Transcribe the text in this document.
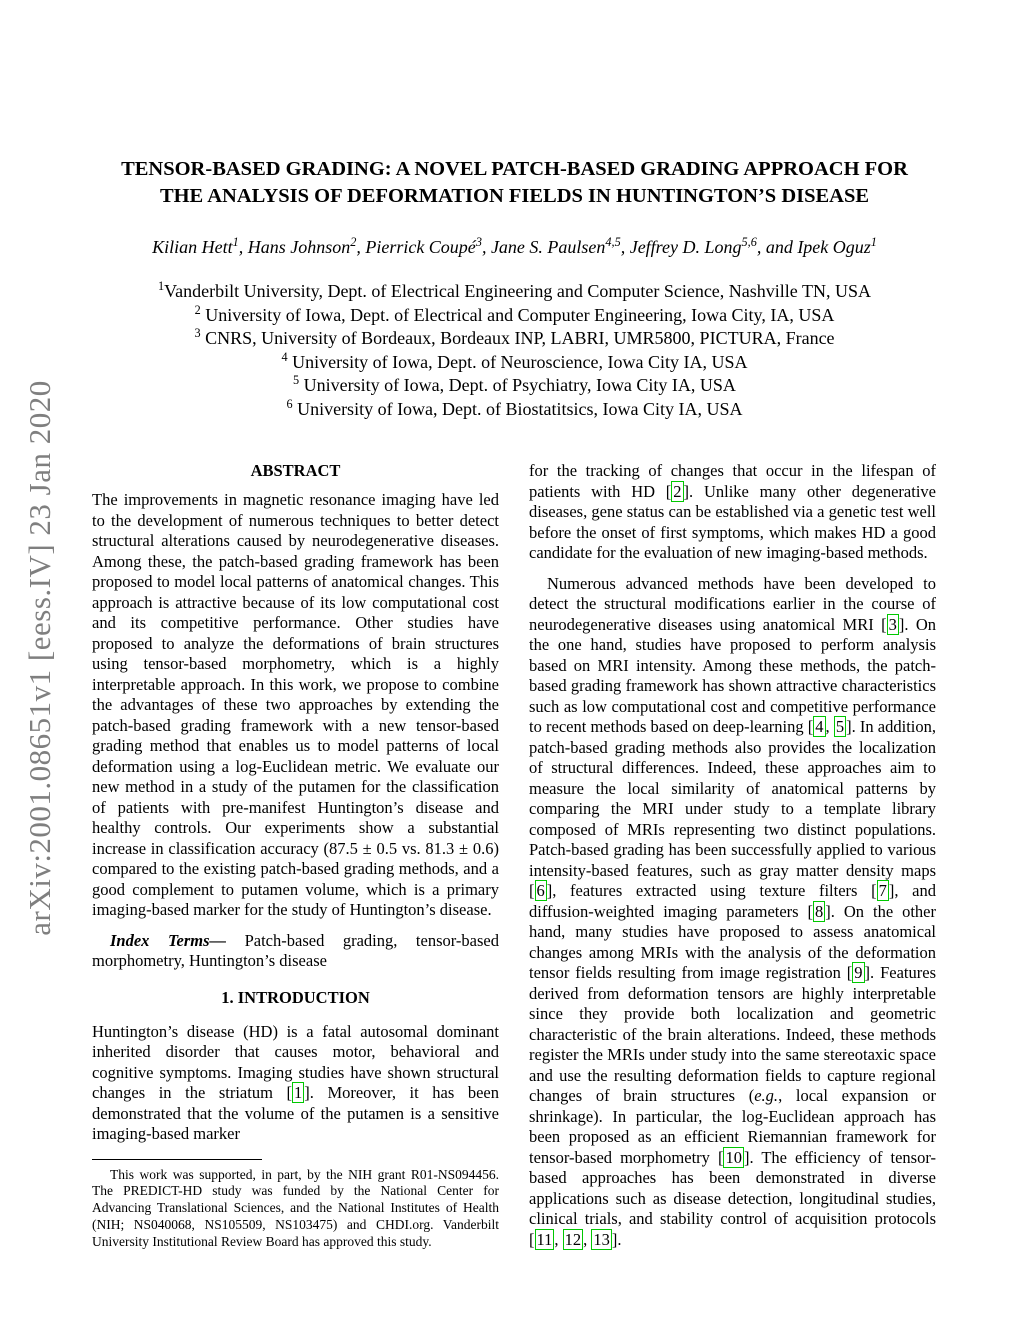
arXiv:2001.08651v1 [eess.IV] 23 Jan 2020
TENSOR-BASED GRADING: A NOVEL PATCH-BASED GRADING APPROACH FOR THE ANALYSIS OF DEFORMATION FIELDS IN HUNTINGTON’S DISEASE
Kilian Hett$^1$, Hans Johnson$^2$, Pierrick Coupé$^3$, Jane S. Paulsen$^{4,5}$, Jeffrey D. Long$^{5,6}$, and Ipek Oguz$^1$
$^1$Vanderbilt University, Dept. of Electrical Engineering and Computer Science, Nashville TN, USA
$^2$ University of Iowa, Dept. of Electrical and Computer Engineering, Iowa City, IA, USA
$^3$ CNRS, University of Bordeaux, Bordeaux INP, LABRI, UMR5800, PICTURA, France
$^4$ University of Iowa, Dept. of Neuroscience, Iowa City IA, USA
$^5$ University of Iowa, Dept. of Psychiatry, Iowa City IA, USA
$^6$ University of Iowa, Dept. of Biostatitsics, Iowa City IA, USA
ABSTRACT

The improvements in magnetic resonance imaging have led to the development of numerous techniques to better detect structural alterations caused by neurodegenerative diseases. Among these, the patch-based grading framework has been proposed to model local patterns of anatomical changes. This approach is attractive because of its low computational cost and its competitive performance. Other studies have proposed to analyze the deformations of brain structures using tensor-based morphometry, which is a highly interpretable approach. In this work, we propose to combine the advantages of these two approaches by extending the patch-based grading framework with a new tensor-based grading method that enables us to model patterns of local deformation using a log-Euclidean metric. We evaluate our new method in a study of the putamen for the classification of patients with pre-manifest Huntington’s disease and healthy controls. Our experiments show a substantial increase in classification accuracy (87.5 ± 0.5 vs. 81.3 ± 0.6) compared to the existing patch-based grading methods, and a good complement to putamen volume, which is a primary imaging-based marker for the study of Huntington’s disease.

Index Terms— Patch-based grading, tensor-based morphometry, Huntington’s disease

1. INTRODUCTION

Huntington’s disease (HD) is a fatal autosomal dominant inherited disorder that causes motor, behavioral and cognitive symptoms. Imaging studies have shown structural changes in the striatum [ 1 ]. Moreover, it has been demonstrated that the volume of the putamen is a sensitive imaging-based marker

This work was supported, in part, by the NIH grant R01-NS094456. The PREDICT-HD study was funded by the National Center for Advancing Translational Sciences, and the National Institutes of Health (NIH; NS040068, NS105509, NS103475) and CHDI.org. Vanderbilt University Institutional Review Board has approved this study.

for the tracking of changes that occur in the lifespan of patients with HD [ 2 ]. Unlike many other degenerative diseases, gene status can be established via a genetic test well before the onset of first symptoms, which makes HD a good candidate for the evaluation of new imaging-based methods.

Numerous advanced methods have been developed to detect the structural modifications earlier in the course of neurodegenerative diseases using anatomical MRI [ 3 ]. On the one hand, studies have proposed to perform analysis based on MRI intensity. Among these methods, the patch-based grading framework has shown attractive characteristics such as low computational cost and competitive performance to recent methods based on deep-learning [ 4 , 5 ]. In addition, patch-based grading methods also provides the localization of structural differences. Indeed, these approaches aim to measure the local similarity of anatomical patterns by comparing the MRI under study to a template library composed of MRIs representing two distinct populations. Patch-based grading has been successfully applied to various intensity-based features, such as gray matter density maps [ 6 ], features extracted using texture filters [ 7 ], and diffusion-weighted imaging parameters [ 8 ]. On the other hand, many studies have proposed to assess anatomical changes among MRIs with the analysis of the deformation tensor fields resulting from image registration [ 9 ]. Features derived from deformation tensors are highly interpretable since they provide both localization and geometric characteristic of the brain alterations. Indeed, these methods register the MRIs under study into the same stereotaxic space and use the resulting deformation fields to capture regional changes of brain structures (e.g., local expansion or shrinkage). In particular, the log-Euclidean approach has been proposed as an efficient Riemannian framework for tensor-based morphometry [ 10 ]. The efficiency of tensor-based approaches has been demonstrated in diverse applications such as disease detection, longitudinal studies, clinical trials, and stability control of acquisition protocols [ 11 , 12 , 13 ].
